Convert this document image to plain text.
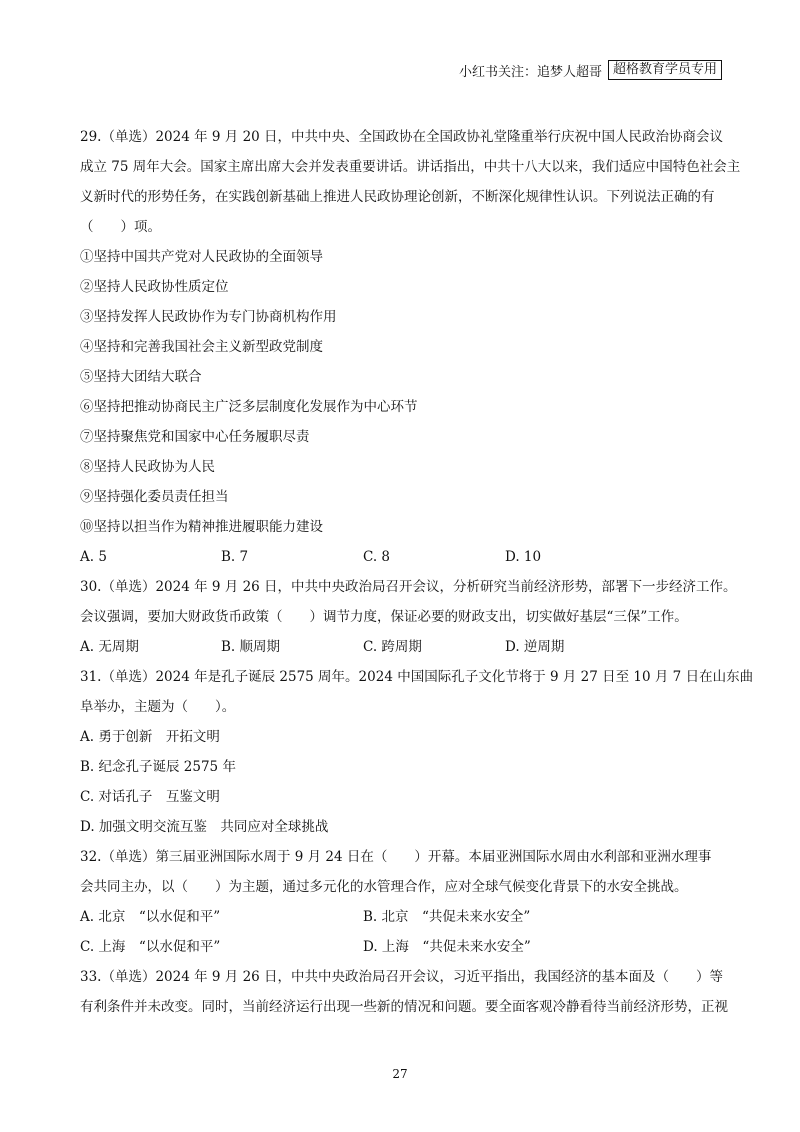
小红书关注：追梦人超哥 超格教育学员专用

29.（单选）2024 年 9 月 20 日，中共中央、全国政协在全国政协礼堂隆重举行庆祝中国人民政治协商会议

成立 75 周年大会。国家主席出席大会并发表重要讲话。讲话指出，中共十八大以来，我们适应中国特色社会主

义新时代的形势任务，在实践创新基础上推进人民政协理论创新，不断深化规律性认识。下列说法正确的有

（　　）项。

①坚持中国共产党对人民政协的全面领导

②坚持人民政协性质定位

③坚持发挥人民政协作为专门协商机构作用

④坚持和完善我国社会主义新型政党制度

⑤坚持大团结大联合

⑥坚持把推动协商民主广泛多层制度化发展作为中心环节

⑦坚持聚焦党和国家中心任务履职尽责

⑧坚持人民政协为人民

⑨坚持强化委员责任担当

⑩坚持以担当作为精神推进履职能力建设

A. 5	B. 7	C. 8	D. 10

30.（单选）2024 年 9 月 26 日，中共中央政治局召开会议，分析研究当前经济形势，部署下一步经济工作。

会议强调，要加大财政货币政策（　　）调节力度，保证必要的财政支出，切实做好基层“三保”工作。

A. 无周期	B. 顺周期	C. 跨周期	D. 逆周期

31.（单选）2024 年是孔子诞辰 2575 周年。2024 中国国际孔子文化节将于 9 月 27 日至 10 月 7 日在山东曲

阜举办，主题为（　　）。

A. 勇于创新　开拓文明

B. 纪念孔子诞辰 2575 年

C. 对话孔子　互鉴文明

D. 加强文明交流互鉴　共同应对全球挑战

32.（单选）第三届亚洲国际水周于 9 月 24 日在（　　）开幕。本届亚洲国际水周由水利部和亚洲水理事

会共同主办，以（　　）为主题，通过多元化的水管理合作，应对全球气候变化背景下的水安全挑战。

A. 北京　“以水促和平”	B. 北京　“共促未来水安全”
C. 上海　“以水促和平”	D. 上海　“共促未来水安全”

33.（单选）2024 年 9 月 26 日，中共中央政治局召开会议，习近平指出，我国经济的基本面及（　　）等

有利条件并未改变。同时，当前经济运行出现一些新的情况和问题。要全面客观冷静看待当前经济形势，正视

27
